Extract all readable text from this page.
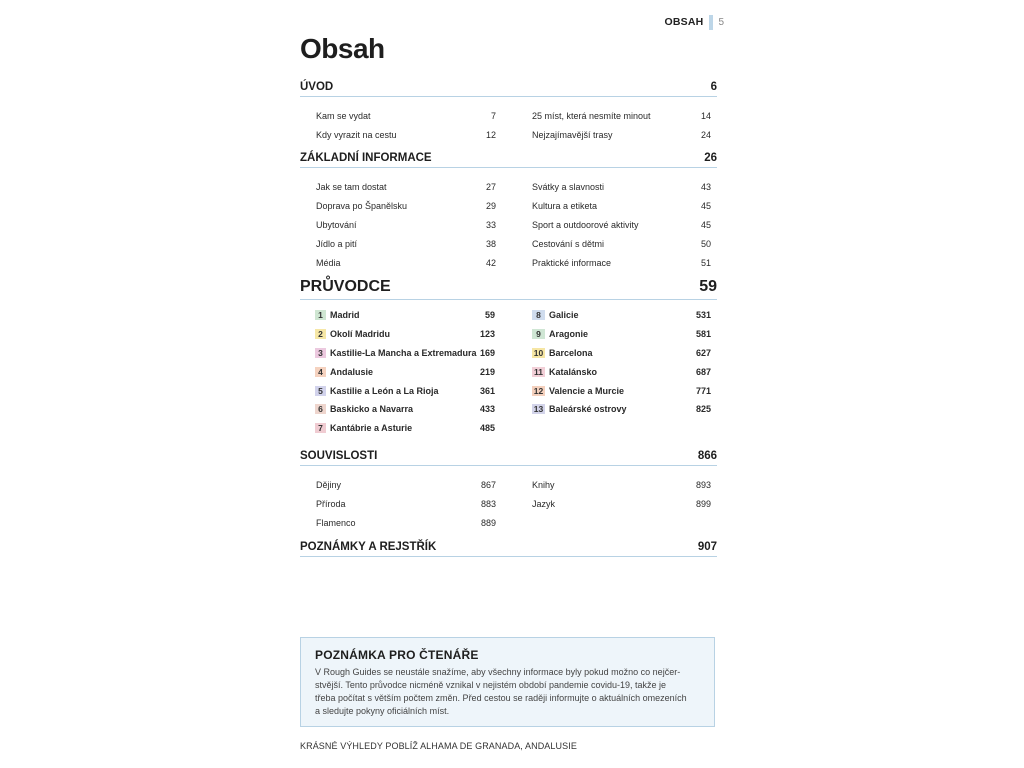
OBSAH 5
Obsah
ÚVOD	6
Kam se vydat	7
Kdy vyrazit na cestu	12
25 míst, která nesmíte minout	14
Nejzajímavější trasy	24
ZÁKLADNÍ INFORMACE	26
Jak se tam dostat	27
Doprava po Španělsku	29
Ubytování	33
Jídlo a pití	38
Média	42
Svátky a slavnosti	43
Kultura a etiketa	45
Sport a outdoorové aktivity	45
Cestování s dětmi	50
Praktické informace	51
PRŮVODCE	59
1 Madrid	59
2 Okolí Madridu	123
3 Kastilie-La Mancha a Extremadura 169
4 Andalusie	219
5 Kastilie a León a La Rioja	361
6 Baskicko a Navarra	433
7 Kantábrie a Asturie	485
8 Galicie	531
9 Aragonie	581
10 Barcelona	627
11 Katalánsko	687
12 Valencie a Murcie	771
13 Baleárské ostrovy	825
SOUVISLOSTI	866
Dějiny	867
Příroda	883
Flamenco	889
Knihy	893
Jazyk	899
POZNÁMKY A REJSTŘÍK	907
POZNÁMKA PRO ČTENÁŘE

V Rough Guides se neustále snažíme, aby všechny informace byly pokud možno co nejčer-
stvější. Tento průvodce nicméně vznikal v nejistém období pandemie covidu-19, takže je
třeba počítat s větším počtem změn. Před cestou se raději informujte o aktuálních omezeních
a sledujte pokyny oficiálních míst.

KRÁSNÉ VÝHLEDY POBLÍŽ ALHAMA DE GRANADA, ANDALUSIE
